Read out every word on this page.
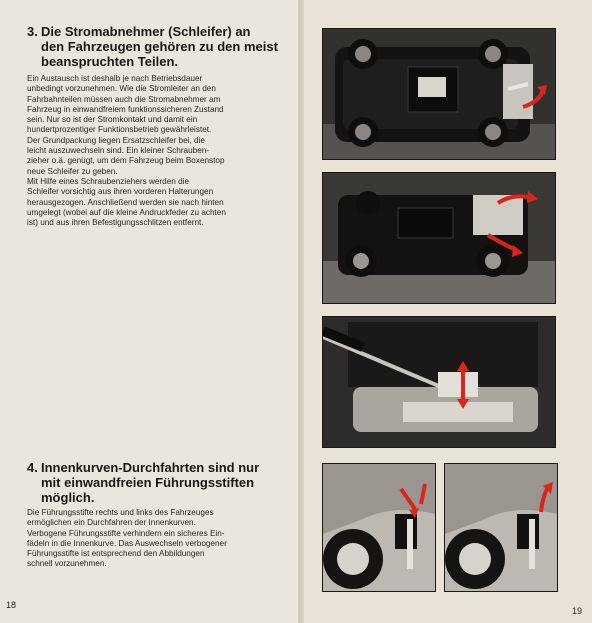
3. Die Stromabnehmer (Schleifer) an
den Fahrzeugen gehören zu den meist
beanspruchten Teilen.
Ein Austausch ist deshalb je nach Betriebsdauer
unbedingt vorzunehmen. Wie die Stromleiter an den
Fahrbahnteilen müssen auch die Stromabnehmer am
Fahrzeug in einwandfreiem funktionssicheren Zustand
sein. Nur so ist der Stromkontakt und damit ein
hundertprozentiger Funktionsbetrieb gewährleistet.
Der Grundpackung liegen Ersatzschleifer bei, die
leicht auszuwechseln sind. Ein kleiner Schrauben-
zieher o.ä. genügt, um dem Fahrzeug beim Boxenstop
neue Schleifer zu geben.
Mit Hilfe eines Schraubenziehers werden die
Schleifer vorsichtig aus ihren vorderen Halterungen
herausgezogen. Anschließend werden sie nach hinten
umgelegt (wobei auf die kleine Andruckfeder zu achten
ist) und aus ihren Befestigungsschlitzen entfernt.
4. Innenkurven-Durchfahrten sind nur
mit einwandfreien Führungsstiften
möglich.
Die Führungsstifte rechts und links des Fahrzeuges
ermöglichen ein Durchfahren der Innenkurven.
Verbogene Führungsstifte verhindern ein sicheres Ein-
fädeln in die Innenkurve. Das Auswechseln verbogener
Führungsstifte ist entsprechend den Abbildungen
schnell vorzunehmen.
18
19
